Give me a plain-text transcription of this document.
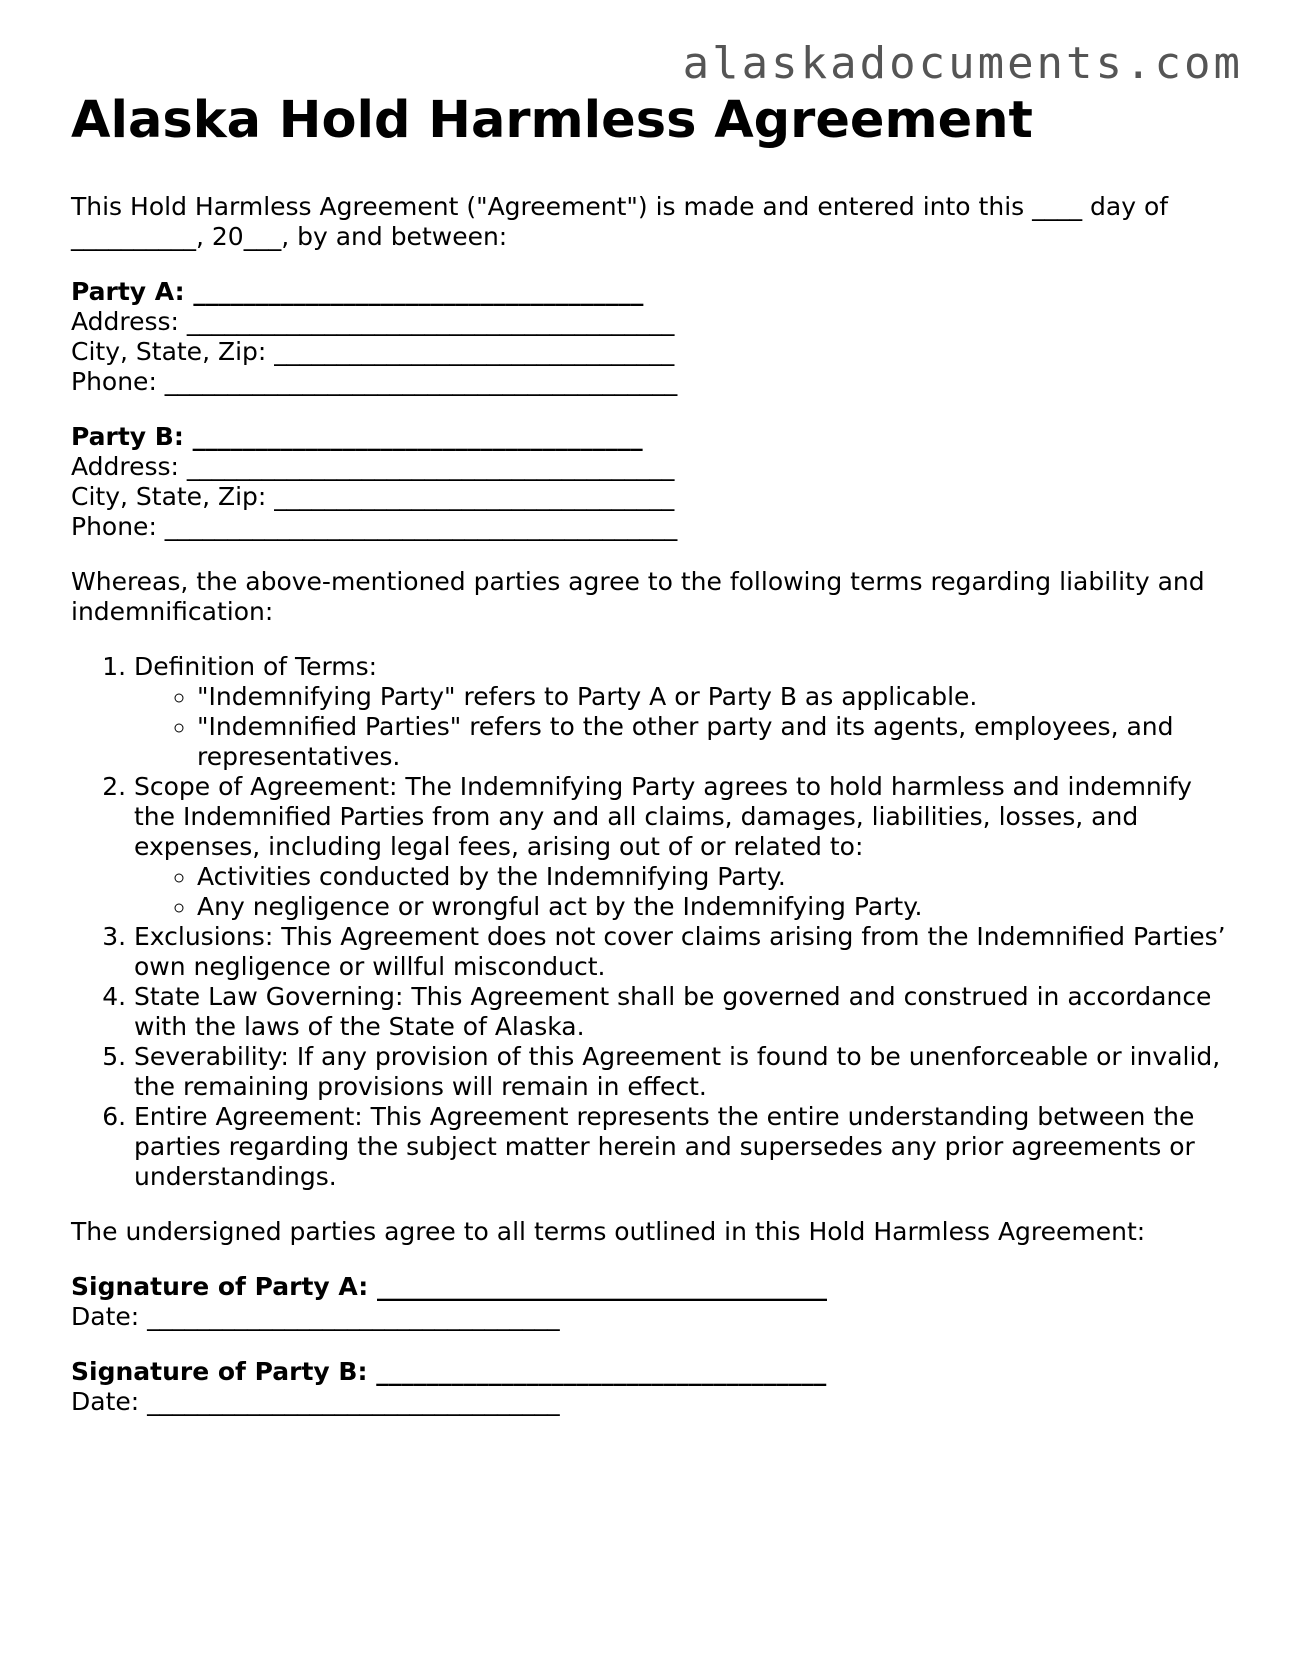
alaskadocuments.com
Alaska Hold Harmless Agreement

This Hold Harmless Agreement ("Agreement") is made and entered into this ____ day of __________, 20___, by and between:

Party A: ____________________________________
Address: _______________________________________
City, State, Zip: ________________________________
Phone: _________________________________________
Party B: ____________________________________
Address: _______________________________________
City, State, Zip: ________________________________
Phone: _________________________________________

Whereas, the above-mentioned parties agree to the following terms regarding liability and indemnification:

1. Definition of Terms:
◦ "Indemnifying Party" refers to Party A or Party B as applicable.
◦ "Indemnified Parties" refers to the other party and its agents, employees, and representatives.
2. Scope of Agreement: The Indemnifying Party agrees to hold harmless and indemnify the Indemnified Parties from any and all claims, damages, liabilities, losses, and expenses, including legal fees, arising out of or related to:
◦ Activities conducted by the Indemnifying Party.
◦ Any negligence or wrongful act by the Indemnifying Party.
3. Exclusions: This Agreement does not cover claims arising from the Indemnified Parties’ own negligence or willful misconduct.
4. State Law Governing: This Agreement shall be governed and construed in accordance with the laws of the State of Alaska.
5. Severability: If any provision of this Agreement is found to be unenforceable or invalid, the remaining provisions will remain in effect.
6. Entire Agreement: This Agreement represents the entire understanding between the parties regarding the subject matter herein and supersedes any prior agreements or understandings.

The undersigned parties agree to all terms outlined in this Hold Harmless Agreement:

Signature of Party A: ____________________________________
Date: _________________________________
Signature of Party B: ____________________________________
Date: _________________________________
